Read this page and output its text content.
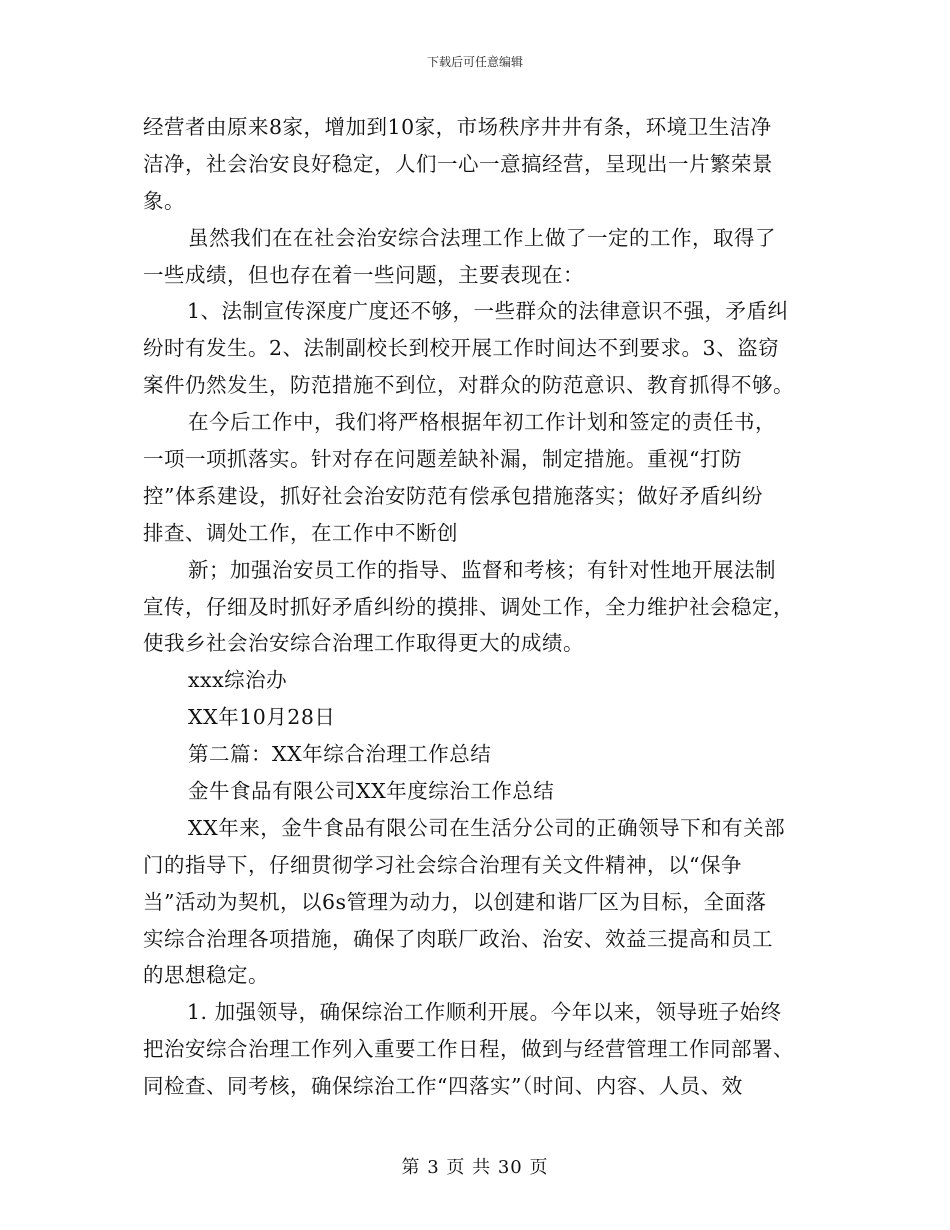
下载后可任意编辑
经营者由原来8家，增加到10家，市场秩序井井有条，环境卫生洁净
洁净，社会治安良好稳定，人们一心一意搞经营，呈现出一片繁荣景
象。
虽然我们在在社会治安综合法理工作上做了一定的工作，取得了
一些成绩，但也存在着一些问题，主要表现在：
1、法制宣传深度广度还不够，一些群众的法律意识不强，矛盾纠
纷时有发生。2、法制副校长到校开展工作时间达不到要求。3、盗窃
案件仍然发生，防范措施不到位，对群众的防范意识、教育抓得不够。
在今后工作中，我们将严格根据年初工作计划和签定的责任书，
一项一项抓落实。针对存在问题差缺补漏，制定措施。重视“打防
控”体系建设，抓好社会治安防范有偿承包措施落实；做好矛盾纠纷
排查、调处工作，在工作中不断创
新；加强治安员工作的指导、监督和考核；有针对性地开展法制
宣传，仔细及时抓好矛盾纠纷的摸排、调处工作，全力维护社会稳定，
使我乡社会治安综合治理工作取得更大的成绩。
xxx综治办
XX年10月28日
第二篇：XX年综合治理工作总结
金牛食品有限公司XX年度综治工作总结
XX年来，金牛食品有限公司在生活分公司的正确领导下和有关部
门的指导下，仔细贯彻学习社会综合治理有关文件精神，以“保争
当”活动为契机，以6s管理为动力，以创建和谐厂区为目标，全面落
实综合治理各项措施，确保了肉联厂政治、治安、效益三提高和员工
的思想稳定。
1. 加强领导，确保综治工作顺利开展。今年以来，领导班子始终
把治安综合治理工作列入重要工作日程，做到与经营管理工作同部署、
同检查、同考核，确保综治工作“四落实”（时间、内容、人员、效
第 3 页 共 30 页
